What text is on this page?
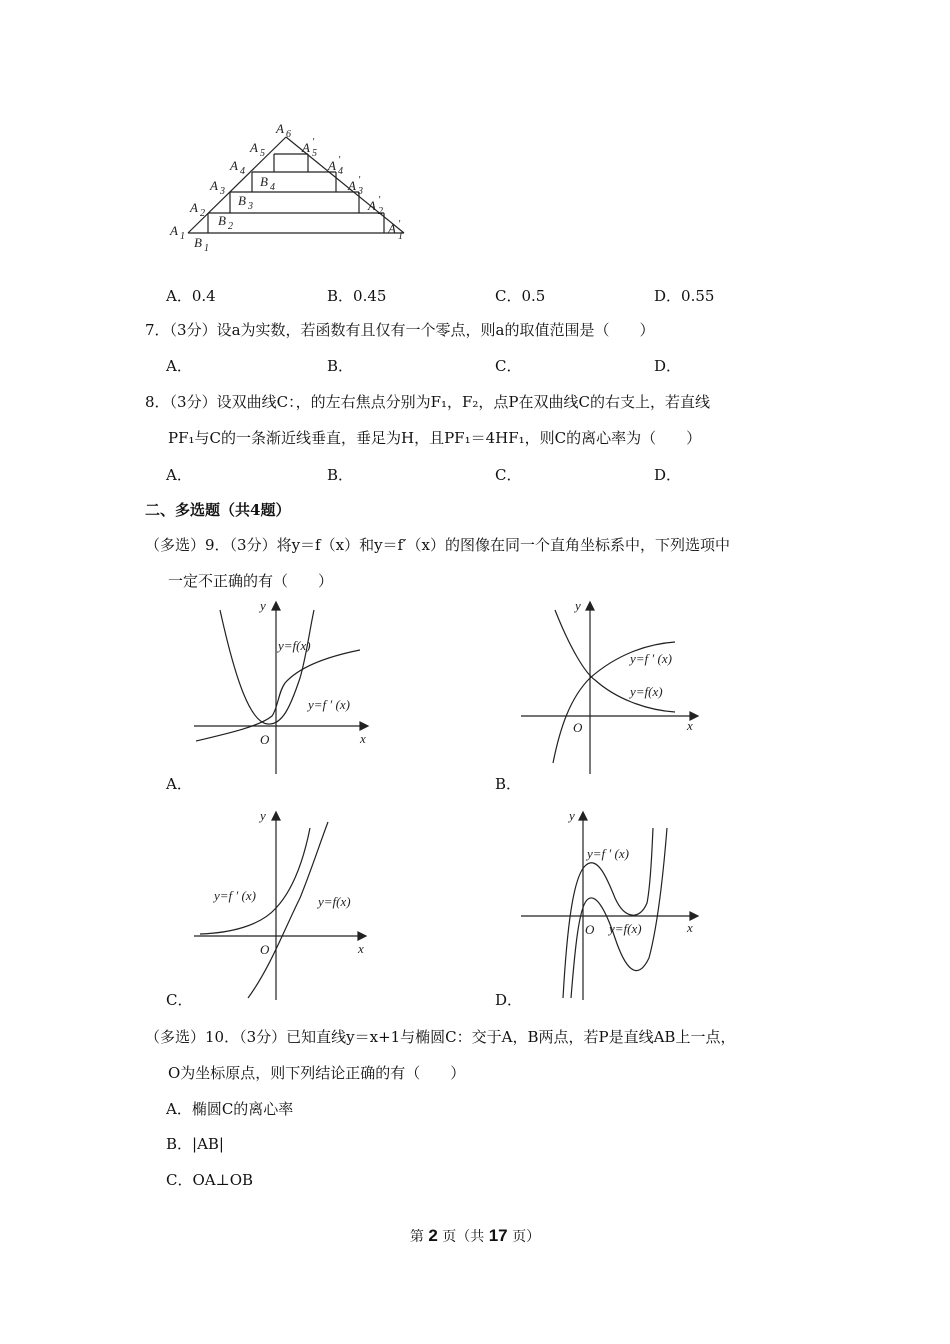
A 1 B 1
A 2 B 2
A 3
B 3
A 4
B 4
A 5
A 6
A 5
′
A 4
′
A 3
′
A 2
′
A
1
′
A．0.4	B．0.45	C．0.5	D．0.55
7．（3分）设a为实数，若函数有且仅有一个零点，则a的取值范围是（　　）
A．	B．	C．	D．
8．（3分）设双曲线C：，的左右焦点分别为F₁，F₂，点P在双曲线C的右支上，若直线
PF₁与C的一条渐近线垂直，垂足为H，且PF₁＝4HF₁，则C的离心率为（　　）
A．	B．	C．	D．
二、多选题（共4题）
（多选）9．（3分）将y＝f（x）和y＝f′（x）的图像在同一个直角坐标系中，下列选项中
一定不正确的有（　　）
y
x
O
y=f(x)
y=f ′ (x)
A．
y
x
O
y=f ′ (x)
y=f(x)
B．
y
x
O
y=f ′ (x)	y=f(x)
C．
y
x
O
y=f ′ (x)
y=f(x)
D．
（多选）10．（3分）已知直线y＝x+1与椭圆C：交于A，B两点，若P是直线AB上一点，
O为坐标原点，则下列结论正确的有（　　）
A．椭圆C的离心率
B．|AB|
C．OA⊥OB
第 2 页（共 17 页）
